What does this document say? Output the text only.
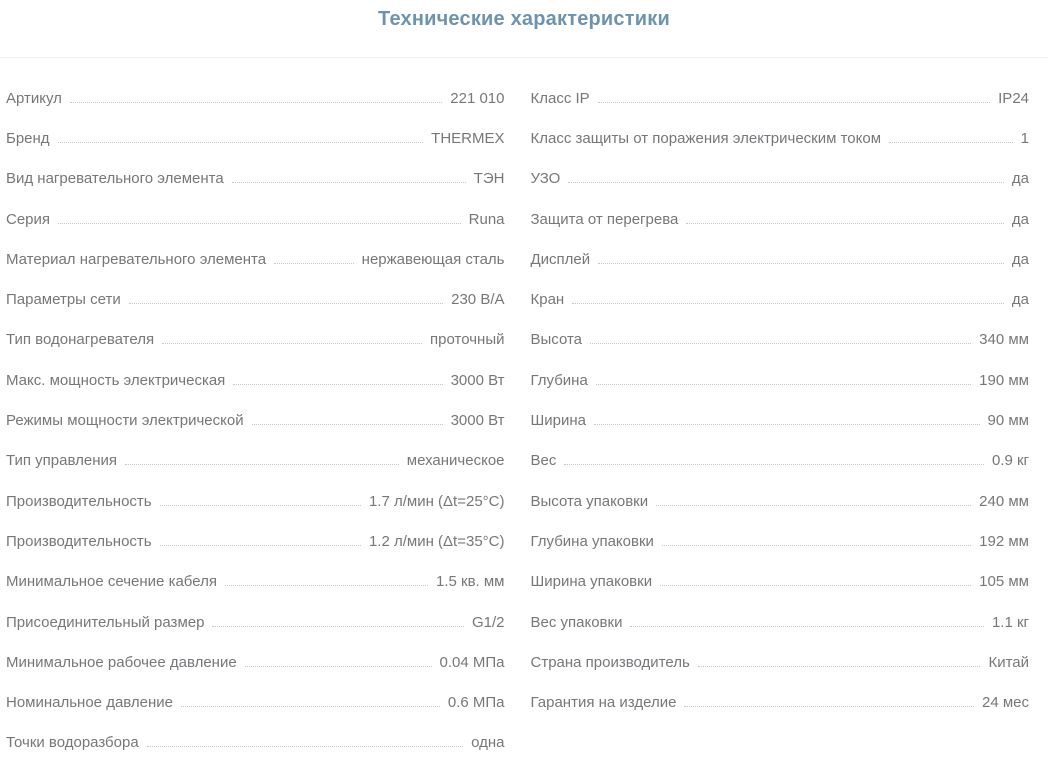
Технические характеристики
Артикул	221 010
Бренд	THERMEX
Вид нагревательного элемента	ТЭН
Серия	Runa
Материал нагревательного элемента	нержавеющая сталь
Параметры сети	230 В/А
Тип водонагревателя	проточный
Макс. мощность электрическая	3000 Вт
Режимы мощности электрической	3000 Вт
Тип управления	механическое
Производительность	1.7 л/мин (Δt=25°C)
Производительность	1.2 л/мин (Δt=35°C)
Минимальное сечение кабеля	1.5 кв. мм
Присоединительный размер	G1/2
Минимальное рабочее давление	0.04 МПа
Номинальное давление	0.6 МПа
Точки водоразбора	одна
Класс IP	IP24
Класс защиты от поражения электрическим током	1
УЗО	да
Защита от перегрева	да
Дисплей	да
Кран	да
Высота	340 мм
Глубина	190 мм
Ширина	90 мм
Вес	0.9 кг
Высота упаковки	240 мм
Глубина упаковки	192 мм
Ширина упаковки	105 мм
Вес упаковки	1.1 кг
Страна производитель	Китай
Гарантия на изделие	24 мес
